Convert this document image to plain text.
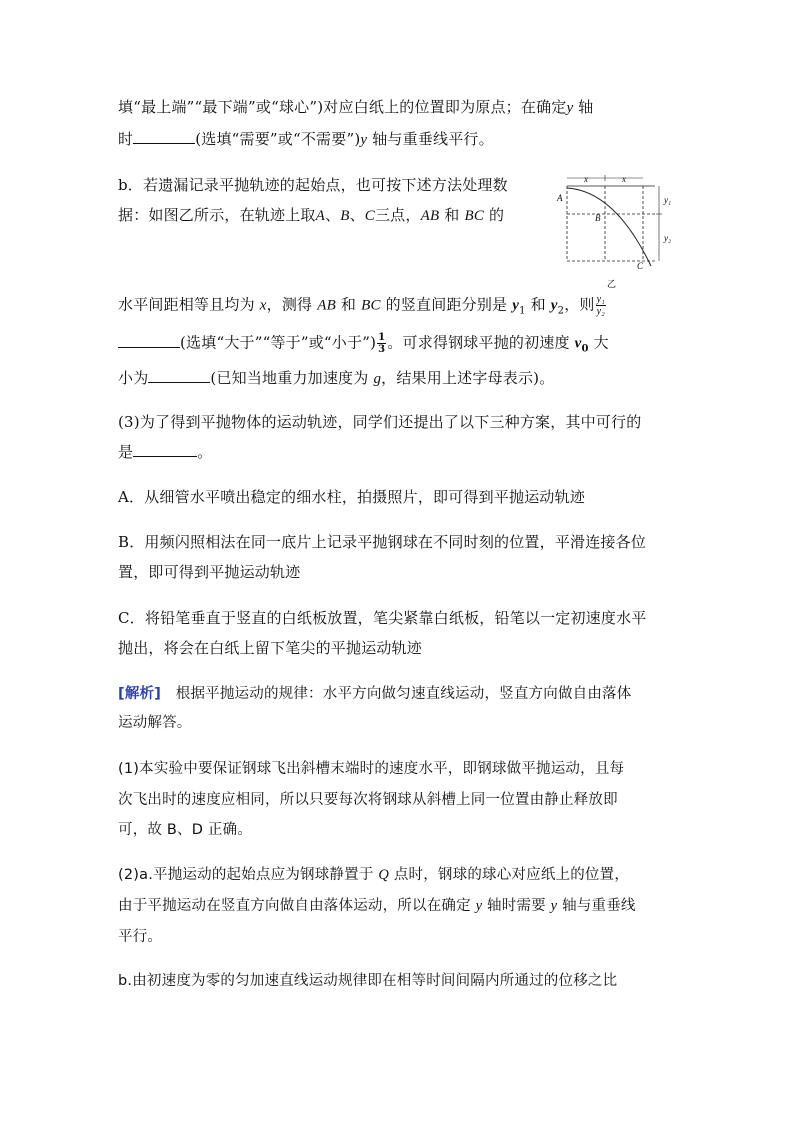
填“最上端”“最下端”或“球心”)对应白纸上的位置即为原点；在确定y 轴
时	(选填“需要”或“不需要”)y 轴与重垂线平行。
b．若遗漏记录平抛轨迹的起始点，也可按下述方法处理数
据：如图乙所示，在轨迹上取A、B、C三点，AB 和 BC 的
x	x
y₁
y₂
A
B
C
乙
水平间距相等且均为 x，测得 AB 和 BC 的竖直间距分别是 $y_1$ 和 $y_2$，则 $\frac{\text{y₁}}{\text{y₂}}$
(选填“大于”“等于”或“小于”) $\frac{1}{3}$ 。可求得钢球平抛的初速度 $v_0$ 大
小为	(已知当地重力加速度为 g，结果用上述字母表示)。
(3)为了得到平抛物体的运动轨迹，同学们还提出了以下三种方案，其中可行的
是	。
A．从细管水平喷出稳定的细水柱，拍摄照片，即可得到平抛运动轨迹
B．用频闪照相法在同一底片上记录平抛钢球在不同时刻的位置，平滑连接各位
置，即可得到平抛运动轨迹
C．将铅笔垂直于竖直的白纸板放置，笔尖紧靠白纸板，铅笔以一定初速度水平
抛出，将会在白纸上留下笔尖的平抛运动轨迹
[解析]　根据平抛运动的规律：水平方向做匀速直线运动，竖直方向做自由落体
运动解答。
(1)本实验中要保证钢球飞出斜槽末端时的速度水平，即钢球做平抛运动，且每
次飞出时的速度应相同，所以只要每次将钢球从斜槽上同一位置由静止释放即
可，故 B、D 正确。
(2)a.平抛运动的起始点应为钢球静置于 Q 点时，钢球的球心对应纸上的位置，
由于平抛运动在竖直方向做自由落体运动，所以在确定 y 轴时需要 y 轴与重垂线
平行。
b.由初速度为零的匀加速直线运动规律即在相等时间间隔内所通过的位移之比
